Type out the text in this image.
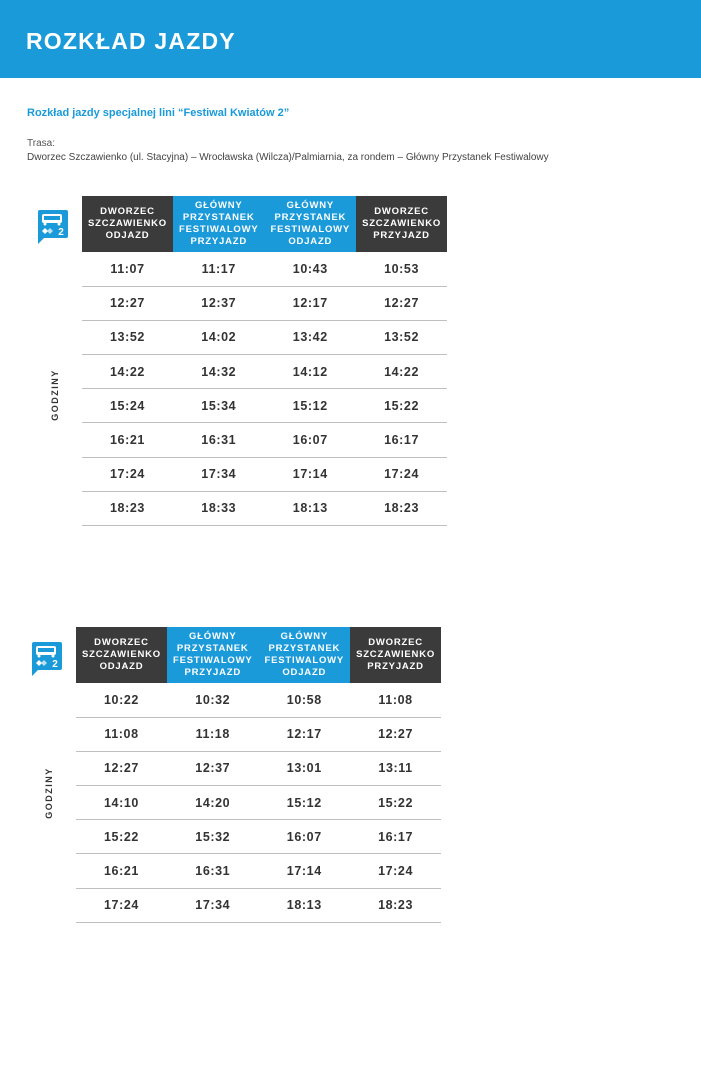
ROZKŁAD JAZDY
Rozkład jazdy specjalnej lini “Festiwal Kwiatów 2”
Trasa:
Dworzec Szczawienko (ul. Stacyjna) – Wrocławska (Wilcza)/Palmiarnia, za rondem – Główny Przystanek Festiwalowy
2
GODZINY
DWORZEC
SZCZAWIENKO
ODJAZD	GŁÓWNY PRZYSTANEK
FESTIWALOWY
PRZYJAZD	GŁÓWNY PRZYSTANEK
FESTIWALOWY
ODJAZD	DWORZEC
SZCZAWIENKO
PRZYJAZD

11:07	11:17	10:43	10:53
12:27	12:37	12:17	12:27
13:52	14:02	13:42	13:52
14:22	14:32	14:12	14:22
15:24	15:34	15:12	15:22
16:21	16:31	16:07	16:17
17:24	17:34	17:14	17:24
18:23	18:33	18:13	18:23
2
GODZINY
DWORZEC
SZCZAWIENKO
ODJAZD	GŁÓWNY PRZYSTANEK
FESTIWALOWY
PRZYJAZD	GŁÓWNY PRZYSTANEK
FESTIWALOWY
ODJAZD	DWORZEC
SZCZAWIENKO
PRZYJAZD

10:22	10:32	10:58	11:08
11:08	11:18	12:17	12:27
12:27	12:37	13:01	13:11
14:10	14:20	15:12	15:22
15:22	15:32	16:07	16:17
16:21	16:31	17:14	17:24
17:24	17:34	18:13	18:23
